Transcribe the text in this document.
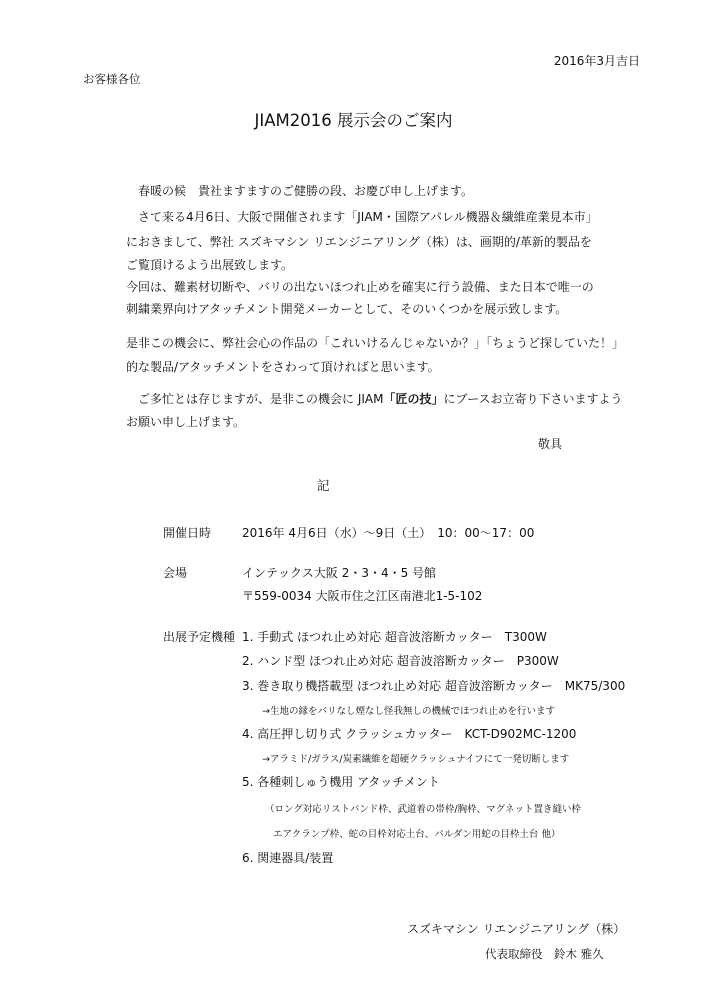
2016年3月吉日
お客様各位
JIAM2016 展示会のご案内
　春暖の候　貴社ますますのご健勝の段、お慶び申し上げます。
　さて来る4月6日、大阪で開催されます「JIAM・国際アパレル機器＆繊維産業見本市」
におきまして、弊社 スズキマシン リエンジニアリング（株）は、画期的/革新的製品を
ご覧頂けるよう出展致します。
今回は、難素材切断や、バリの出ないほつれ止めを確実に行う設備、また日本で唯一の
刺繍業界向けアタッチメント開発メーカーとして、そのいくつかを展示致します。
是非この機会に、弊社会心の作品の「これいけるんじゃないか？」「ちょうど探していた！」
的な製品/アタッチメントをさわって頂ければと思います。
　ご多忙とは存じますが、是非この機会に JIAM「匠の技」にブースお立寄り下さいますよう
お願い申し上げます。
敬具
記
開催日時	2016年 4月6日（水）～9日（土）　10：00～17：00
会場	インテックス大阪 2・3・4・5 号館
〒559-0034 大阪市住之江区南港北1-5-102
出展予定機種 1. 手動式 ほつれ止め対応 超音波溶断カッター　T300W
2. ハンド型 ほつれ止め対応 超音波溶断カッター　P300W
3. 巻き取り機搭載型 ほつれ止め対応 超音波溶断カッター　MK75/300
→生地の縁をバリなし煙なし怪我無しの機械でほつれ止めを行います
4. 高圧押し切り式 クラッシュカッター　KCT-D902MC-1200
→アラミド/ガラス/炭素繊維を超硬クラッシュナイフにて一発切断します
5. 各種刺しゅう機用 アタッチメント
（ロング対応リストバンド枠、武道着の帯枠/胸枠、マグネット置き縫い枠
エアクランプ枠、蛇の目枠対応土台、バルダン用蛇の目枠土台 他）
6. 関連器具/装置
スズキマシン リエンジニアリング（株）
代表取締役　鈴木 雅久
